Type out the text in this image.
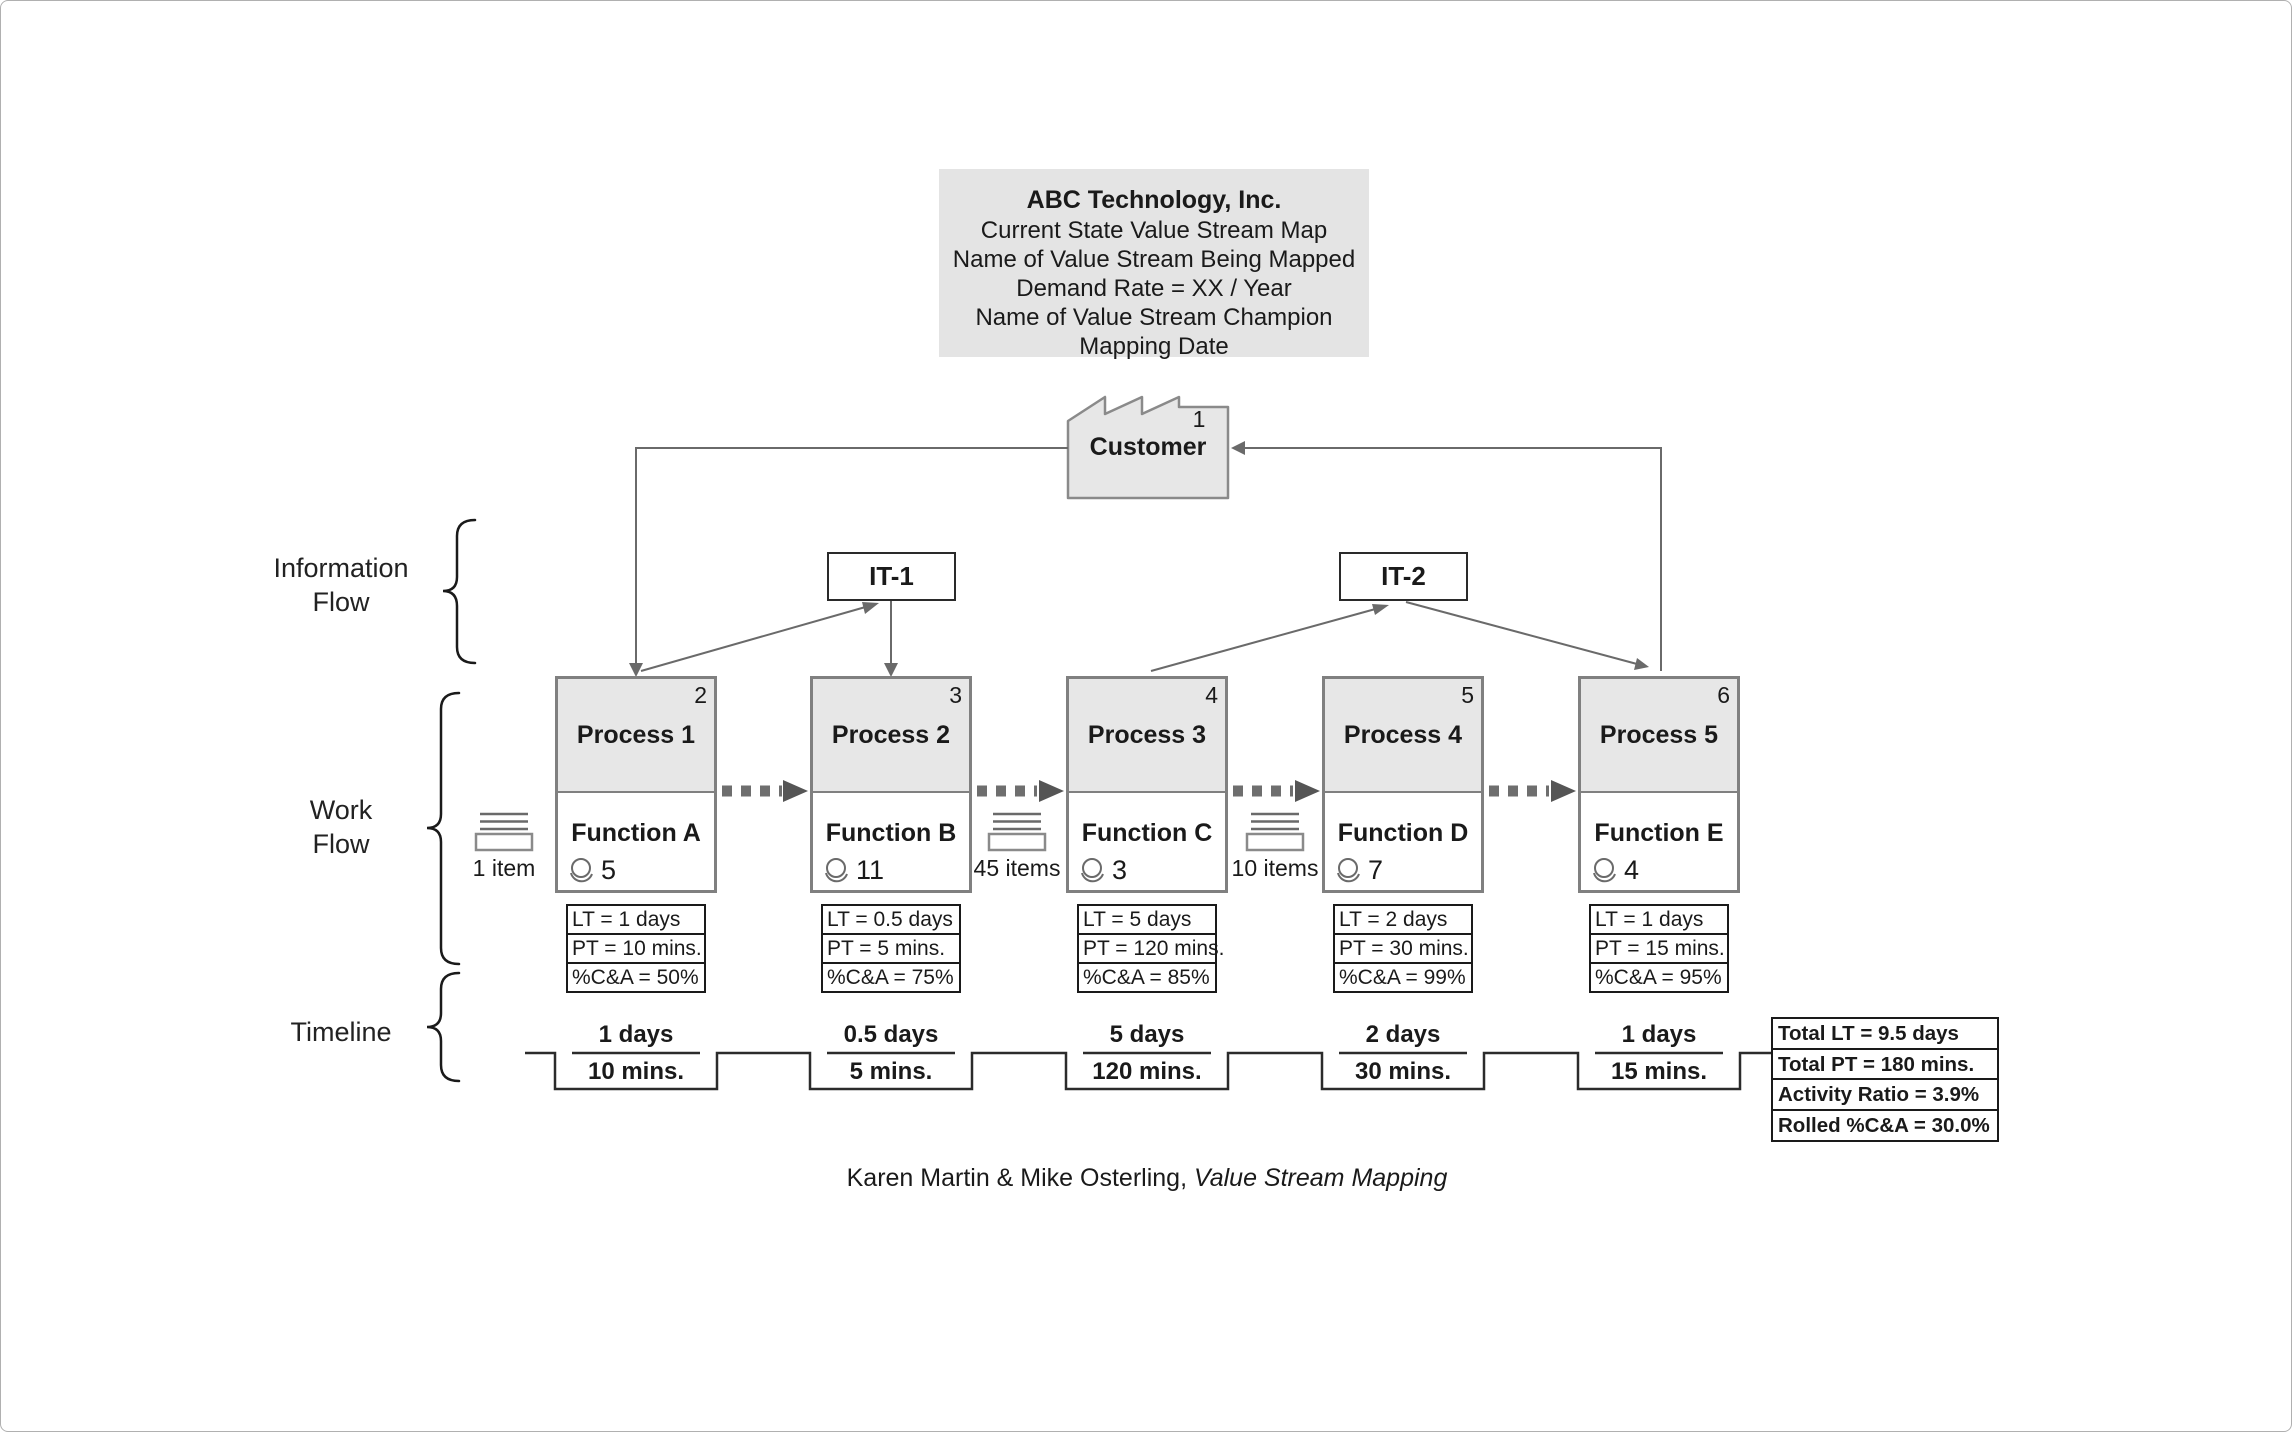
ABC Technology, Inc.
Current State Value Stream Map
Name of Value Stream Being Mapped
Demand Rate = XX / Year
Name of Value Stream Champion
Mapping Date
1
Customer
IT-1	IT-2
Information
Flow
Work
Flow
Timeline
2
Process 1
Function A
5
LT = 1 days
PT = 10 mins.
%C&A = 50%
3
Process 2
Function B
11
LT = 0.5 days
PT = 5 mins.
%C&A = 75%
4
Process 3
Function C
3
LT = 5 days
PT = 120 mins.
%C&A = 85%
5
Process 4
Function D
7
LT = 2 days
PT = 30 mins.
%C&A = 99%
6
Process 5
Function E
4
LT = 1 days
PT = 15 mins.
%C&A = 95%
1 item	45 items	10 items
1 days
10 mins.
0.5 days
5 mins.
5 days
120 mins.
2 days
30 mins.
1 days
15 mins.
Total LT = 9.5 days
Total PT = 180 mins.
Activity Ratio = 3.9%
Rolled %C&A = 30.0%
Karen Martin & Mike Osterling, Value Stream Mapping
